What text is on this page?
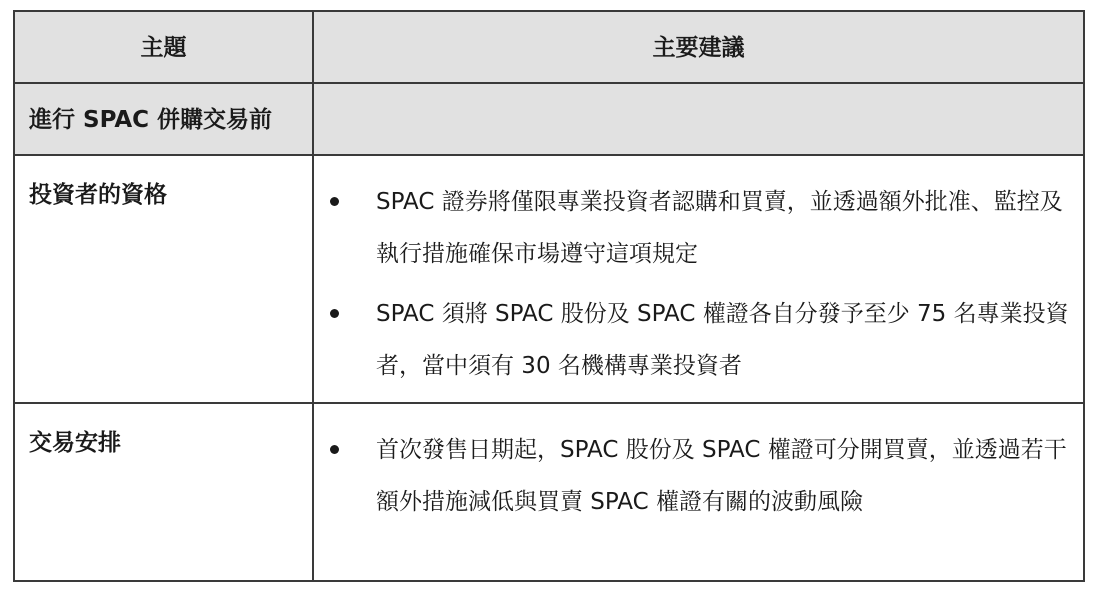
主題	主要建議
進行 SPAC 併購交易前
投資者的資格	SPAC 證券將僅限專業投資者認購和買賣，並透過額外批准、監控及執行措施確保市場遵守這項規定
SPAC 須將 SPAC 股份及 SPAC 權證各自分發予至少 75 名專業投資者，當中須有 30 名機構專業投資者
交易安排	首次發售日期起，SPAC 股份及 SPAC 權證可分開買賣，並透過若干額外措施減低與買賣 SPAC 權證有關的波動風險
